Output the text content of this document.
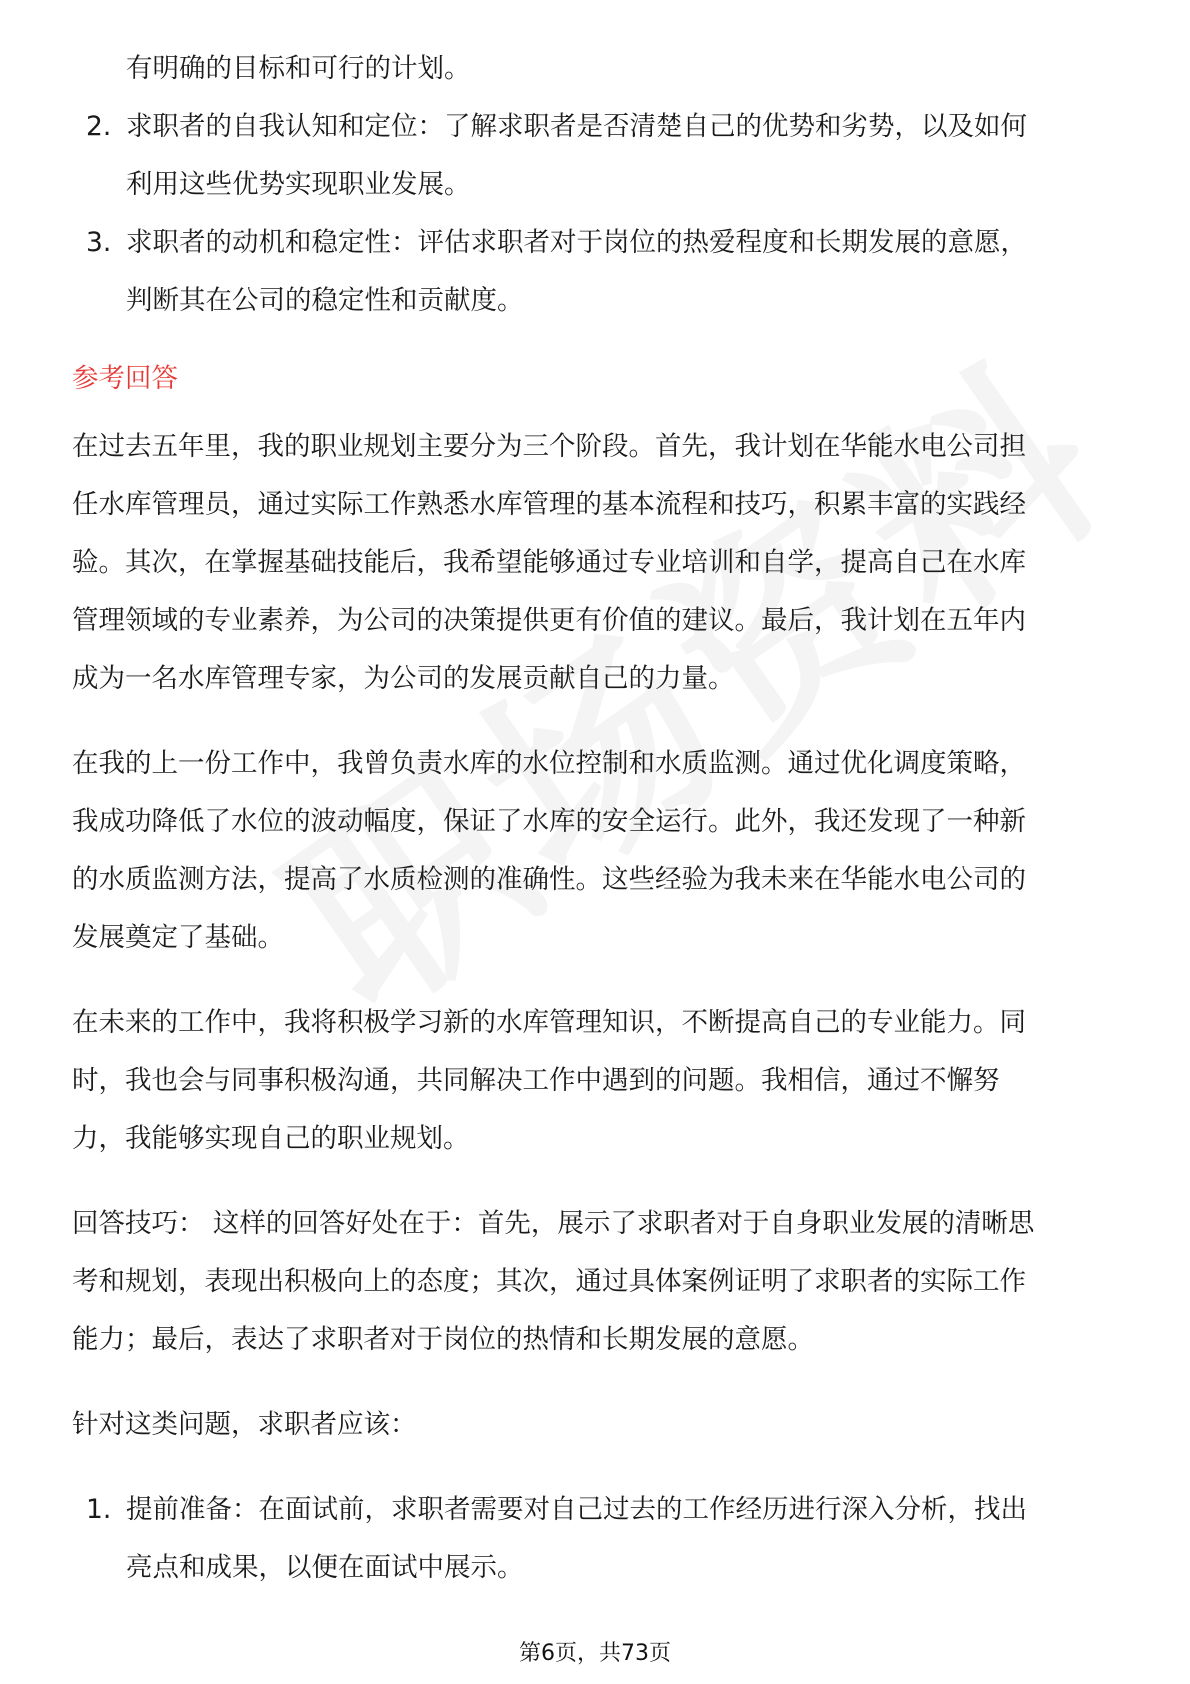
有明确的目标和可行的计划。
2. 求职者的自我认知和定位：了解求职者是否清楚自己的优势和劣势，以及如何
利用这些优势实现职业发展。
3. 求职者的动机和稳定性：评估求职者对于岗位的热爱程度和长期发展的意愿，
判断其在公司的稳定性和贡献度。
参考回答
在过去五年里，我的职业规划主要分为三个阶段。首先，我计划在华能水电公司担
任水库管理员，通过实际工作熟悉水库管理的基本流程和技巧，积累丰富的实践经
验。其次，在掌握基础技能后，我希望能够通过专业培训和自学，提高自己在水库
管理领域的专业素养，为公司的决策提供更有价值的建议。最后，我计划在五年内
成为一名水库管理专家，为公司的发展贡献自己的力量。
在我的上一份工作中，我曾负责水库的水位控制和水质监测。通过优化调度策略，
我成功降低了水位的波动幅度，保证了水库的安全运行。此外，我还发现了一种新
的水质监测方法，提高了水质检测的准确性。这些经验为我未来在华能水电公司的
发展奠定了基础。
在未来的工作中，我将积极学习新的水库管理知识，不断提高自己的专业能力。同
时，我也会与同事积极沟通，共同解决工作中遇到的问题。我相信，通过不懈努
力，我能够实现自己的职业规划。
回答技巧： 这样的回答好处在于：首先，展示了求职者对于自身职业发展的清晰思
考和规划，表现出积极向上的态度；其次，通过具体案例证明了求职者的实际工作
能力；最后，表达了求职者对于岗位的热情和长期发展的意愿。
针对这类问题，求职者应该：
1. 提前准备：在面试前，求职者需要对自己过去的工作经历进行深入分析，找出
亮点和成果，以便在面试中展示。
第6页，共73页
